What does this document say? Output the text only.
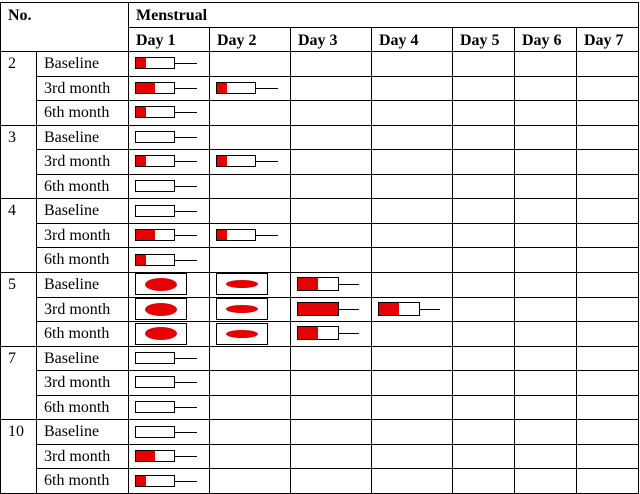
No.	Menstrual
Day 1	Day 2	Day 3	Day 4	Day 5 Day 6 Day 7
2 Baseline
3rd month
6th month
3 Baseline
3rd month
6th month
4 Baseline
3rd month
6th month
5 Baseline
3rd month
6th month
7 Baseline
3rd month
6th month
10 Baseline
3rd month
6th month
